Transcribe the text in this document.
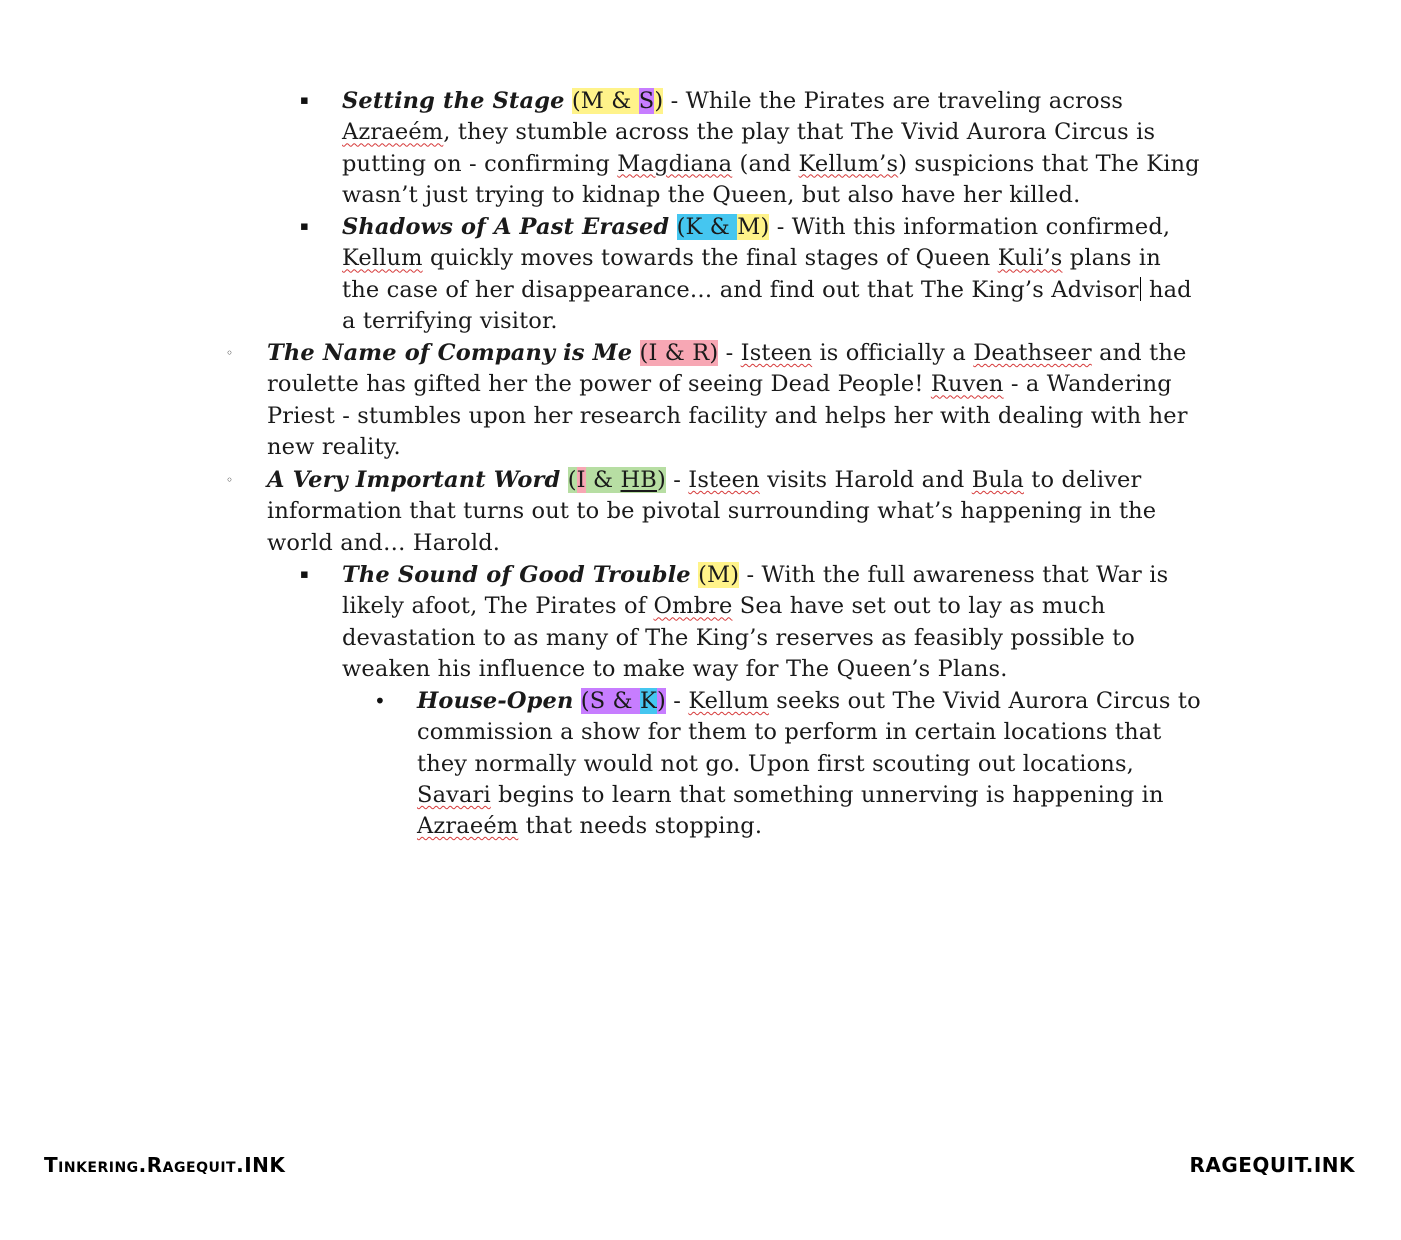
▪ Setting the Stage (M & S) - While the Pirates are traveling across Azraeém, they stumble across the play that The Vivid Aurora Circus is putting on - confirming Magdiana (and Kellum’s) suspicions that The King wasn’t just trying to kidnap the Queen, but also have her killed.
▪ Shadows of A Past Erased (K & M) - With this information confirmed, Kellum quickly moves towards the final stages of Queen Kuli’s plans in the case of her disappearance… and find out that The King’s Advisor had a terrifying visitor.
◦ The Name of Company is Me (I & R) - Isteen is officially a Deathseer and the roulette has gifted her the power of seeing Dead People! Ruven - a Wandering Priest - stumbles upon her research facility and helps her with dealing with her new reality.
◦ A Very Important Word (I & HB) - Isteen visits Harold and Bula to deliver information that turns out to be pivotal surrounding what’s happening in the world and… Harold.
▪ The Sound of Good Trouble (M) - With the full awareness that War is likely afoot, The Pirates of Ombre Sea have set out to lay as much devastation to as many of The King’s reserves as feasibly possible to weaken his influence to make way for The Queen’s Plans.
• House-Open (S & K) - Kellum seeks out The Vivid Aurora Circus to commission a show for them to perform in certain locations that they normally would not go. Upon first scouting out locations, Savari begins to learn that something unnerving is happening in Azraeém that needs stopping.
Tinkering.Ragequit.INK	RAGEQUIT.INK
